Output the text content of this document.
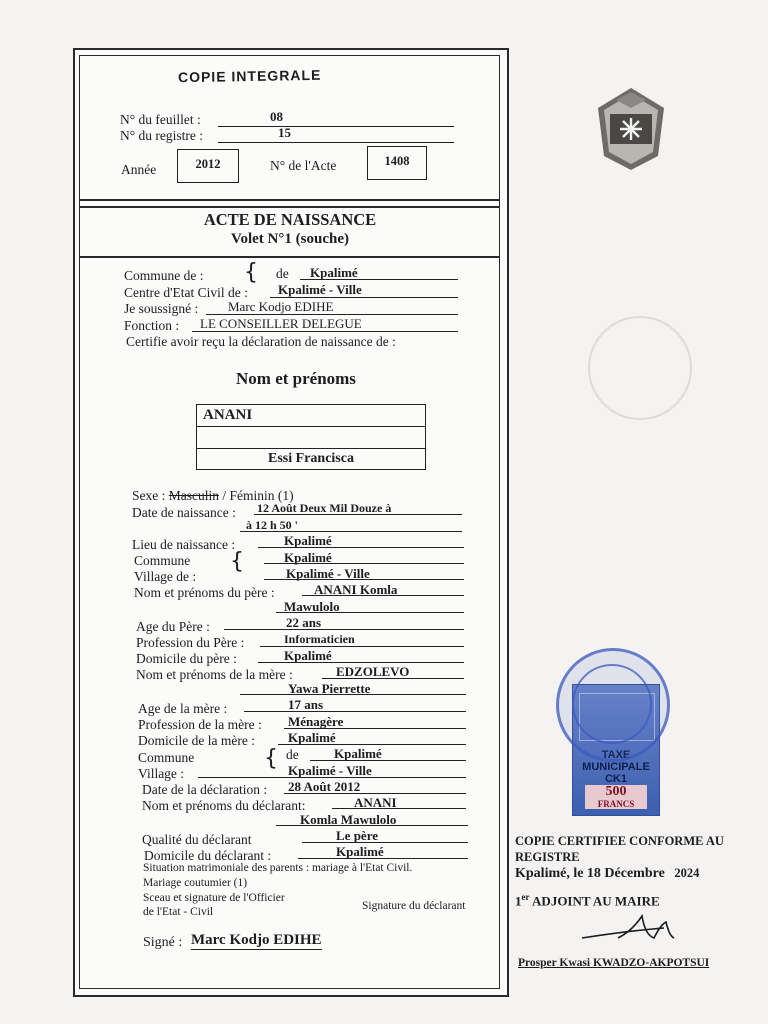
COPIE INTEGRALE
N° du feuillet :	08
N° du registre :	15
Année	2012	N° de l'Acte	1408
ACTE DE NAISSANCE
Volet N°1 (souche)
Commune de : { de Kpalimé
Centre d'Etat Civil de : Kpalimé - Ville
Je soussigné : Marc Kodjo EDIHE
Fonction : LE CONSEILLER DELEGUE
Certifie avoir reçu la déclaration de naissance de :
Nom et prénoms
ANANI
Essi Francisca
Sexe : Masculin / Féminin (1)
Date de naissance : 12 Août Deux Mil Douze à
à 12 h 50 '
Lieu de naissance :	Kpalimé
Commune {	Kpalimé
Village de :	Kpalimé - Ville
Nom et prénoms du père :	ANANI Komla
Mawulolo
Age du Père :	22 ans
Profession du Père :	Informaticien
Domicile du père :	Kpalimé
Nom et prénoms de la mère :	EDZOLEVO
Yawa Pierrette
Age de la mère :	17 ans
Profession de la mère : Ménagère
Domicile de la mère :	Kpalimé
Commune	{ de	Kpalimé
Village :	Kpalimé - Ville
Date de la déclaration : 28 Août 2012
Nom et prénoms du déclarant:	ANANI
Komla Mawulolo
Qualité du déclarant	Le père
Domicile du déclarant :	Kpalimé
Situation matrimoniale des parents : mariage à l'Etat Civil.
Mariage coutumier (1)
Sceau et signature de l'Officier
de l'Etat - Civil	Signature du déclarant
Signé : Marc Kodjo EDIHE
TAXE
MUNICIPALE
CK1
500
FRANCS
COPIE CERTIFIEE CONFORME AU
REGISTRE
Kpalimé, le 18 Décembre 2024
1er ADJOINT AU MAIRE
Prosper Kwasi KWADZO-AKPOTSUI
